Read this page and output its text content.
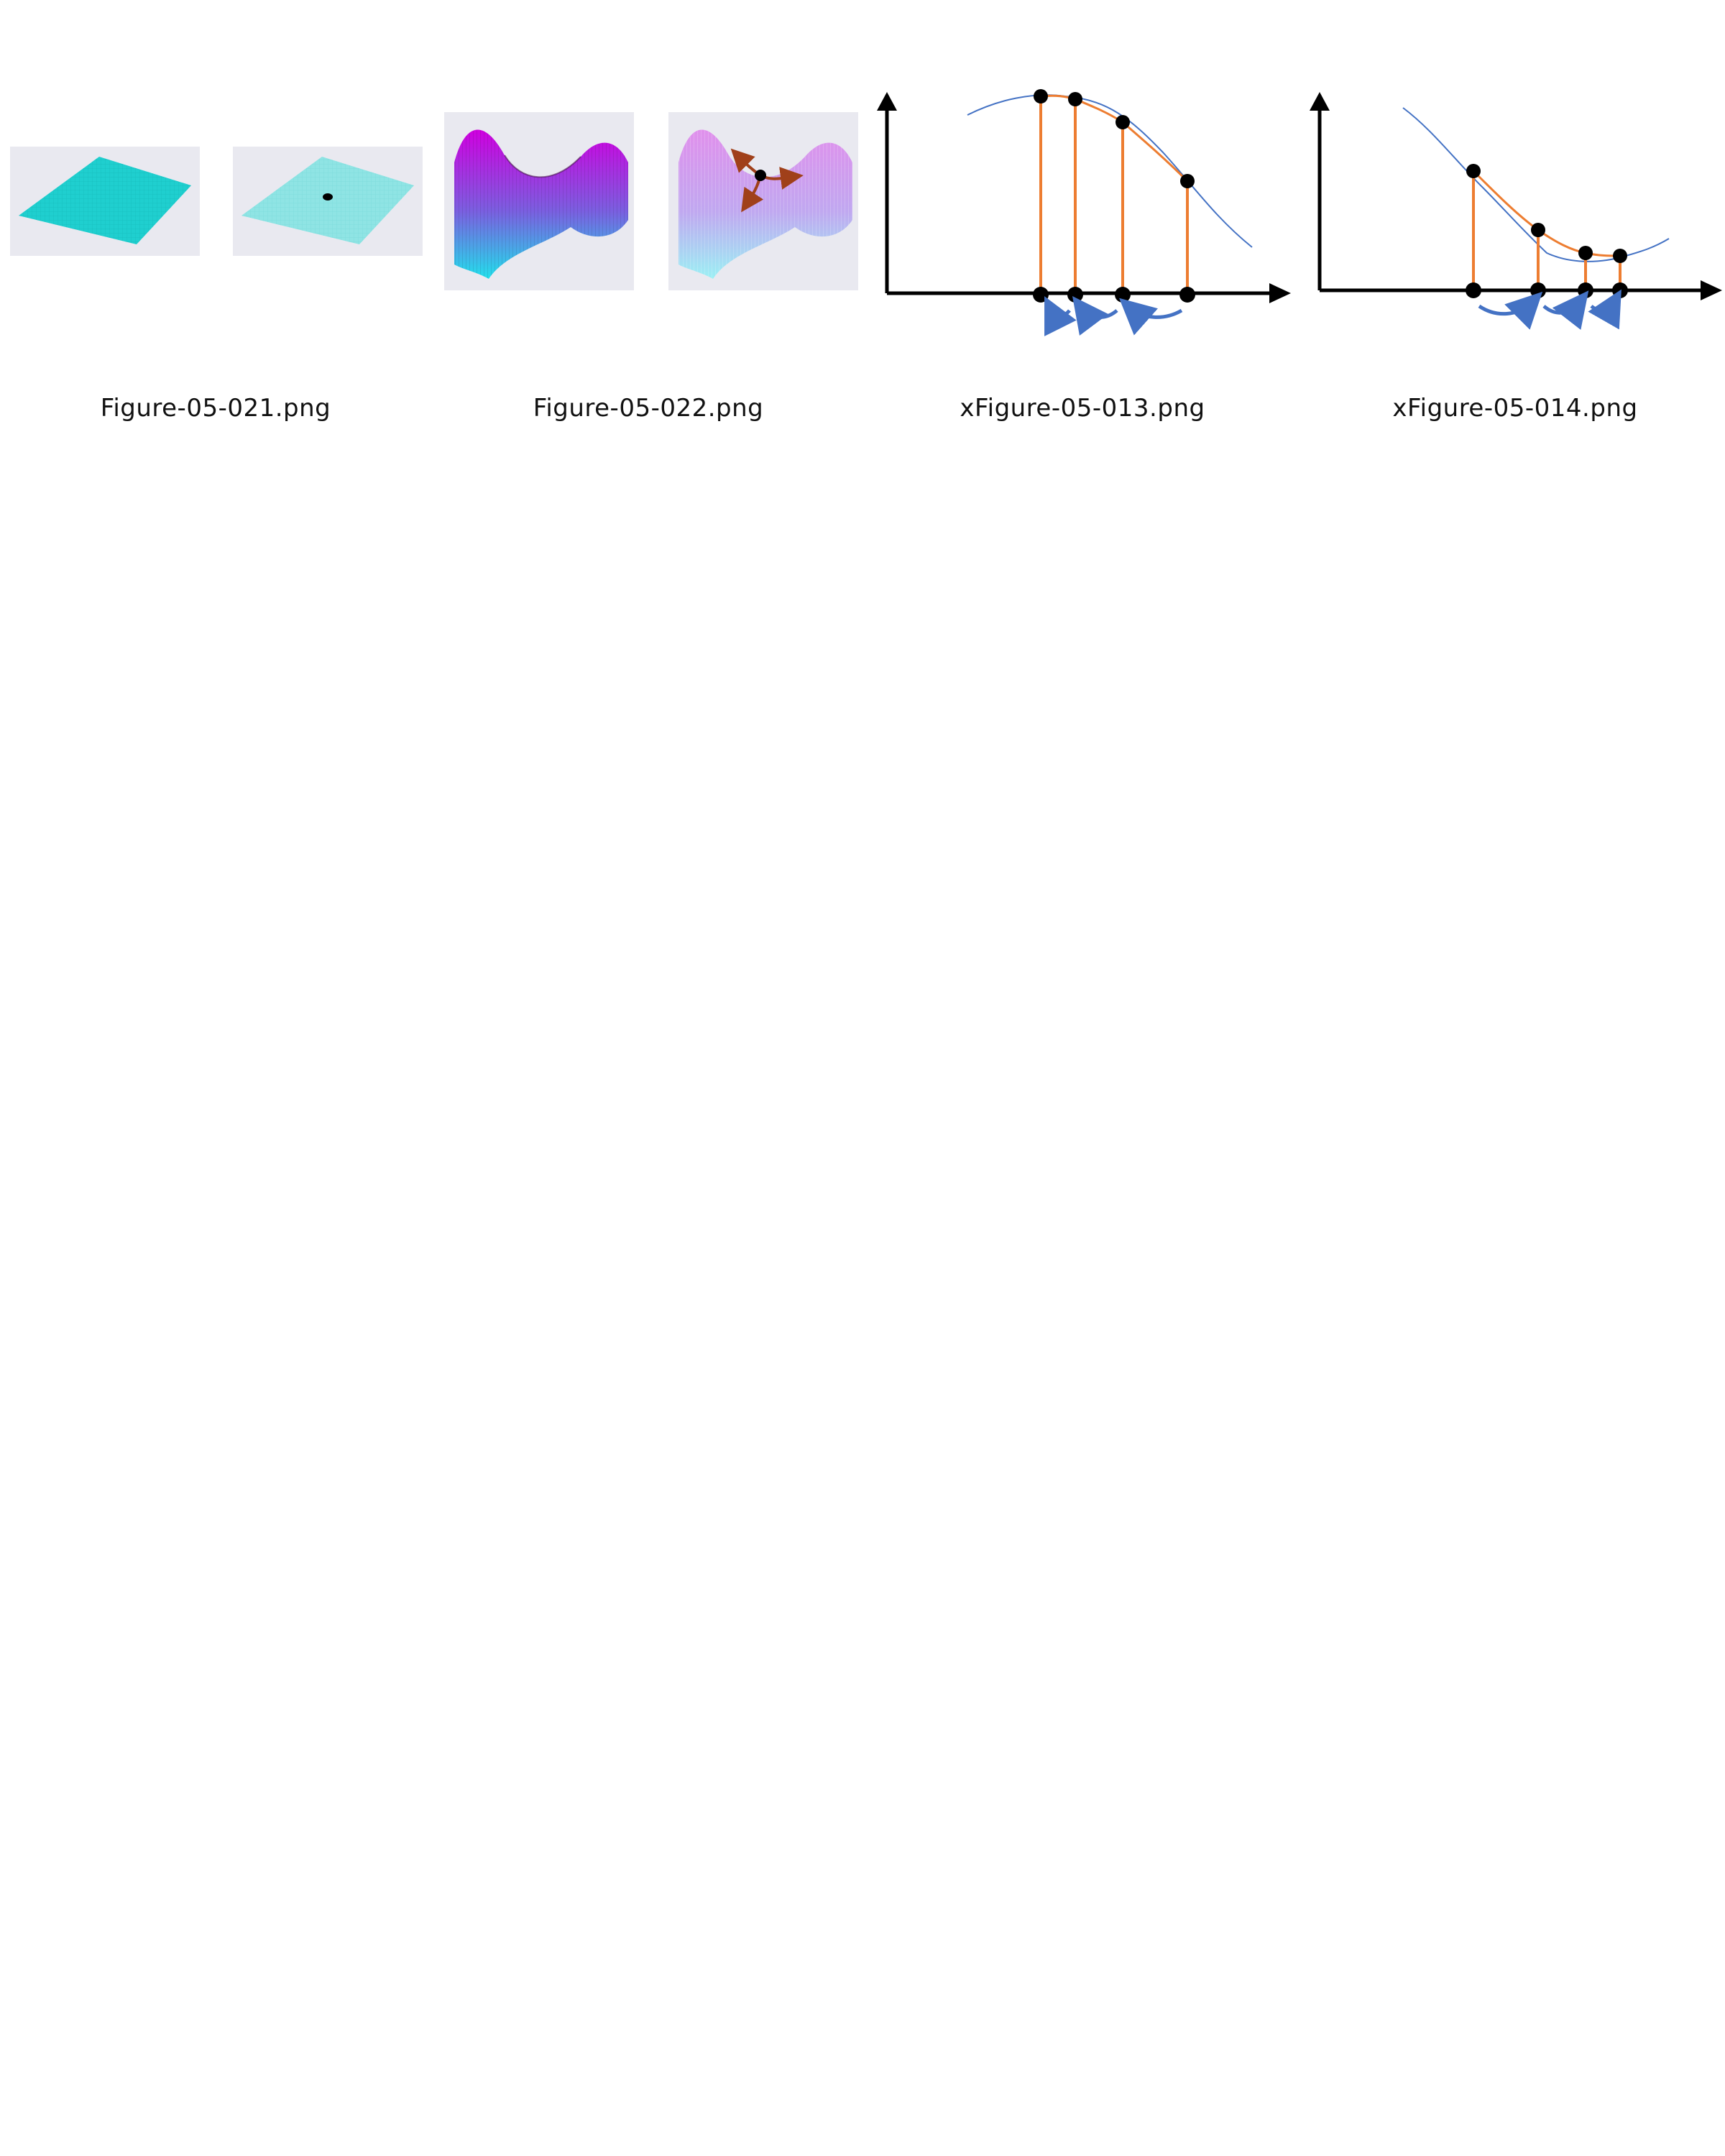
Figure-05-021.png	Figure-05-022.png	xFigure-05-013.png	xFigure-05-014.png
